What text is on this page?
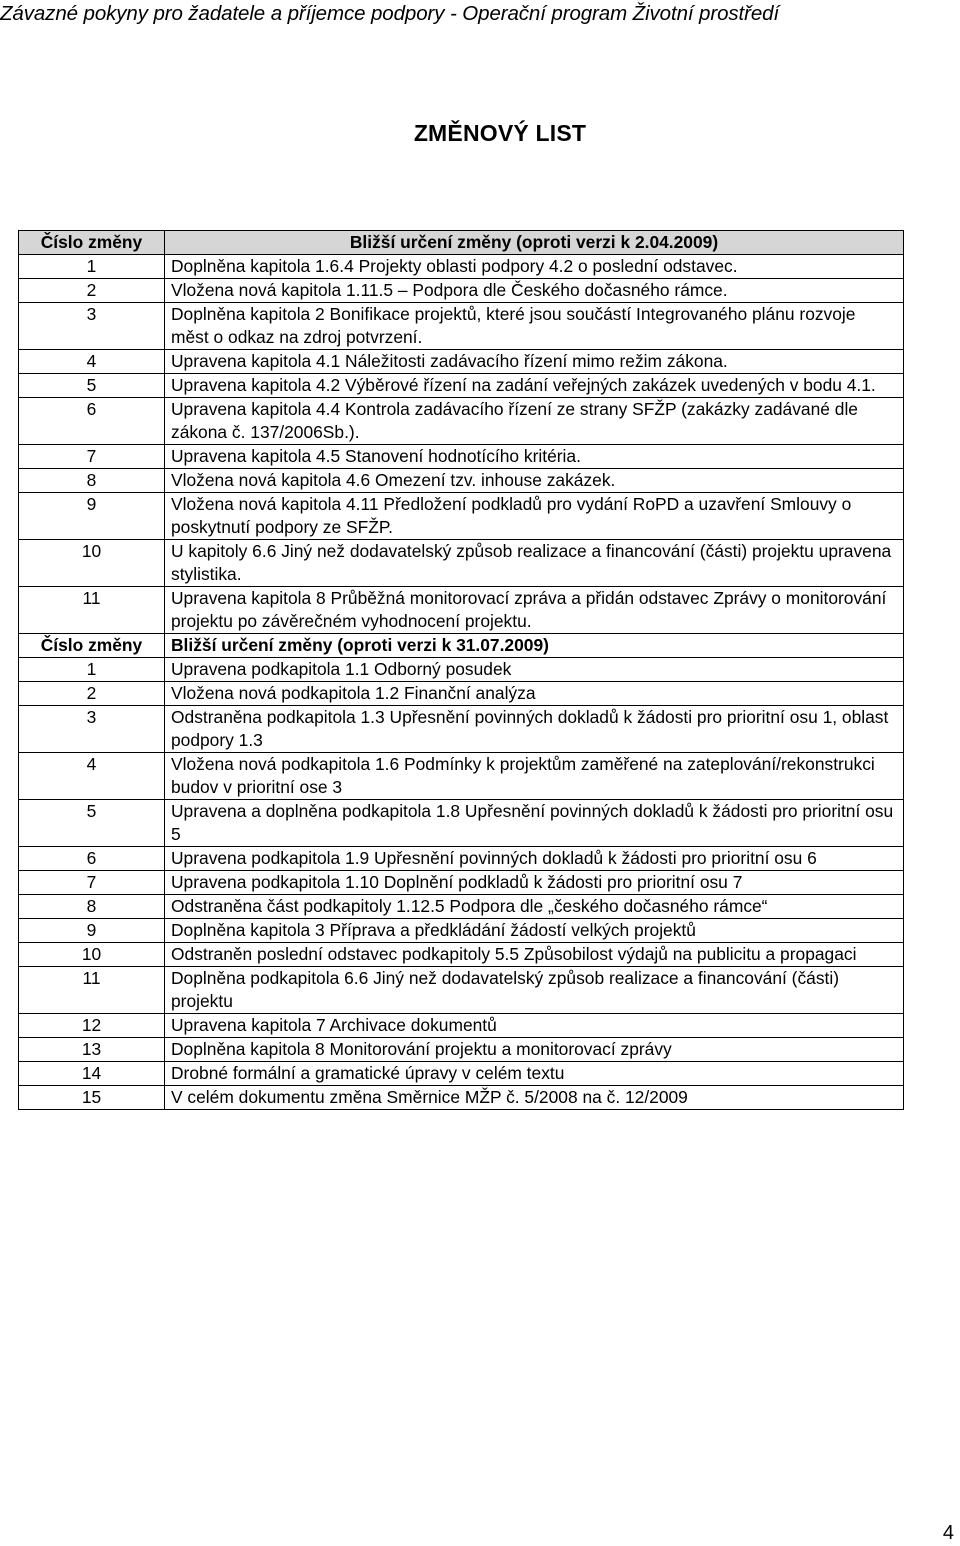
Závazné pokyny pro žadatele a příjemce podpory - Operační program Životní prostředí
ZMĚNOVÝ LIST
Číslo změny	Bližší určení změny (oproti verzi k 2.04.2009)
1	Doplněna kapitola 1.6.4 Projekty oblasti podpory 4.2 o poslední odstavec.
2	Vložena nová kapitola 1.11.5 – Podpora dle Českého dočasného rámce.
3	Doplněna kapitola 2 Bonifikace projektů, které jsou součástí Integrovaného plánu rozvoje měst o odkaz na zdroj potvrzení.
4	Upravena kapitola 4.1 Náležitosti zadávacího řízení mimo režim zákona.
5	Upravena kapitola 4.2 Výběrové řízení na zadání veřejných zakázek uvedených v bodu 4.1.
6	Upravena kapitola 4.4 Kontrola zadávacího řízení ze strany SFŽP (zakázky zadávané dle zákona č. 137/2006Sb.).
7	Upravena kapitola 4.5 Stanovení hodnotícího kritéria.
8	Vložena nová kapitola 4.6 Omezení tzv. inhouse zakázek.
9	Vložena nová kapitola 4.11 Předložení podkladů pro vydání RoPD a uzavření Smlouvy o poskytnutí podpory ze SFŽP.
10	U kapitoly 6.6 Jiný než dodavatelský způsob realizace a financování (části) projektu upravena stylistika.
11	Upravena kapitola 8 Průběžná monitorovací zpráva a přidán odstavec Zprávy o monitorování projektu po závěrečném vyhodnocení projektu.
Číslo změny	Bližší určení změny (oproti verzi k 31.07.2009)
1	Upravena podkapitola 1.1 Odborný posudek
2	Vložena nová podkapitola 1.2 Finanční analýza
3	Odstraněna podkapitola 1.3 Upřesnění povinných dokladů k žádosti pro prioritní osu 1, oblast podpory 1.3
4	Vložena nová podkapitola 1.6 Podmínky k projektům zaměřené na zateplování/rekonstrukci budov v prioritní ose 3
5	Upravena a doplněna podkapitola 1.8 Upřesnění povinných dokladů k žádosti pro prioritní osu 5
6	Upravena podkapitola 1.9 Upřesnění povinných dokladů k žádosti pro prioritní osu 6
7	Upravena podkapitola 1.10 Doplnění podkladů k žádosti pro prioritní osu 7
8	Odstraněna část podkapitoly 1.12.5 Podpora dle „českého dočasného rámce“
9	Doplněna kapitola 3 Příprava a předkládání žádostí velkých projektů
10	Odstraněn poslední odstavec podkapitoly 5.5 Způsobilost výdajů na publicitu a propagaci
11	Doplněna podkapitola 6.6 Jiný než dodavatelský způsob realizace a financování (části) projektu
12	Upravena kapitola 7 Archivace dokumentů
13	Doplněna kapitola 8 Monitorování projektu a monitorovací zprávy
14	Drobné formální a gramatické úpravy v celém textu
15	V celém dokumentu změna Směrnice MŽP č. 5/2008 na č. 12/2009
4
